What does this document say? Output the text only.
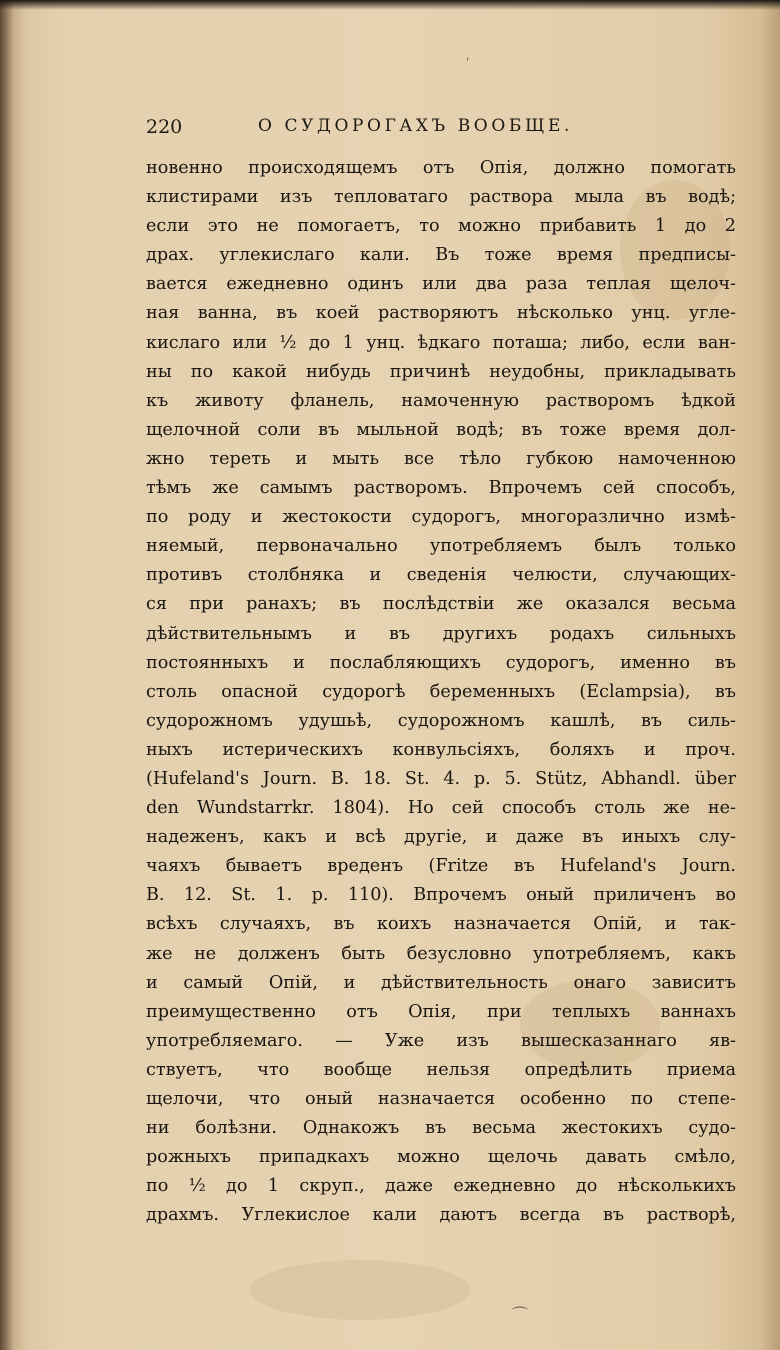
ˈ
⌒
220	О СУДОРОГАХЪ ВООБЩЕ.
новенно происходящемъ отъ Опія, должно помогать
клистирами изъ тепловатаго раствора мыла въ водѣ;
если это не помогаетъ, то можно прибавить 1 до 2
драх. углекислаго кали. Въ тоже время предписы-
вается ежедневно одинъ или два раза теплая щелоч-
ная ванна, въ коей растворяютъ нѣсколько унц. угле-
кислаго или ½ до 1 унц. ѣдкаго поташа; либо, если ван-
ны по какой нибудь причинѣ неудобны, прикладывать
къ животу фланель, намоченную растворомъ ѣдкой
щелочной соли въ мыльной водѣ; въ тоже время дол-
жно тереть и мыть все тѣло губкою намоченною
тѣмъ же самымъ растворомъ. Впрочемъ сей способъ,
по роду и жестокости судорогъ, многоразлично измѣ-
няемый, первоначально употребляемъ былъ только
противъ столбняка и сведенія челюсти, случающих-
ся при ранахъ; въ послѣдствіи же оказался весьма
дѣйствительнымъ и въ другихъ родахъ сильныхъ
постоянныхъ и послабляющихъ судорогъ, именно въ
столь опасной судорогѣ беременныхъ (Eclampsia), въ
судорожномъ удушьѣ, судорожномъ кашлѣ, въ силь-
ныхъ истерическихъ конвульсіяхъ, боляхъ и проч.
(Hufeland's Journ. B. 18. St. 4. p. 5. Stütz, Abhandl. über
den Wundstarrkr. 1804). Но сей способъ столь же не-
надеженъ, какъ и всѣ другіе, и даже въ иныхъ слу-
чаяхъ бываетъ вреденъ (Fritze въ Hufeland's Journ.
B. 12. St. 1. p. 110). Впрочемъ оный приличенъ во
всѣхъ случаяхъ, въ коихъ назначается Опій, и так-
же не долженъ быть безусловно употребляемъ, какъ
и самый Опій, и дѣйствительность онаго зависитъ
преимущественно отъ Опія, при теплыхъ ваннахъ
употребляемаго. — Уже изъ вышесказаннаго яв-
ствуетъ, что вообще нельзя опредѣлить приема
щелочи, что оный назначается особенно по степе-
ни болѣзни. Однакожъ въ весьма жестокихъ судо-
рожныхъ припадкахъ можно щелочь давать смѣло,
по ½ до 1 скруп., даже ежедневно до нѣсколькихъ
драхмъ. Углекислое кали даютъ всегда въ растворѣ,
